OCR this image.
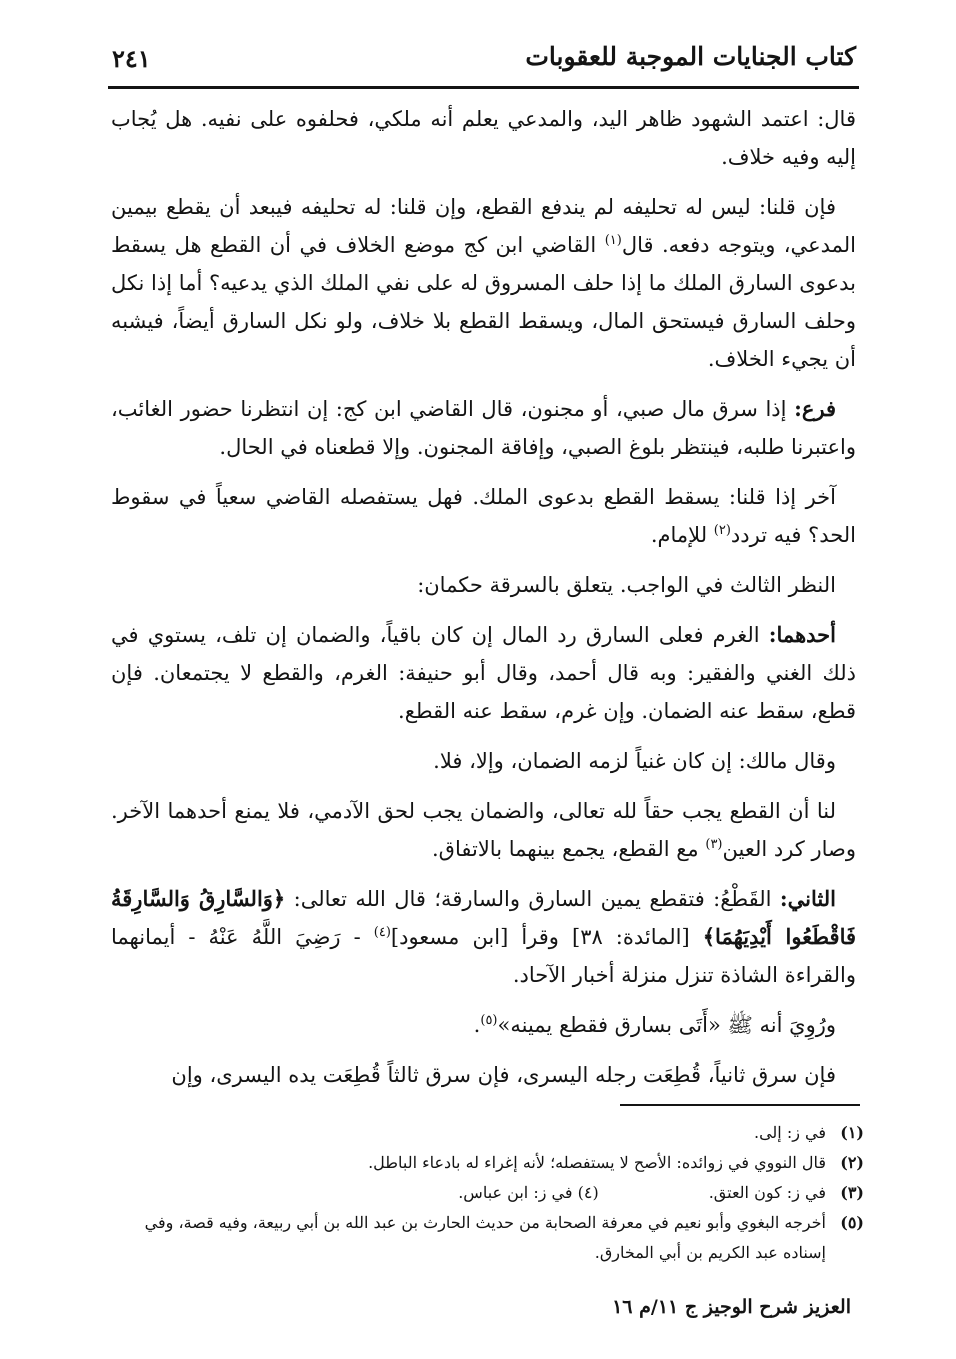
كتاب الجنايات الموجبة للعقوبات
٢٤١

قال: اعتمد الشهود ظاهر اليد، والمدعي يعلم أنه ملكي، فحلفوه على نفيه. هل يُجاب إليه وفيه خلاف.

فإن قلنا: ليس له تحليفه لم يندفع القطع، وإن قلنا: له تحليفه فيبعد أن يقطع بيمين المدعي، ويتوجه دفعه. قال$^{(١)}$ القاضي ابن كج موضع الخلاف في أن القطع هل يسقط بدعوى السارق الملك ما إذا حلف المسروق له على نفي الملك الذي يدعيه؟ أما إذا نكل وحلف السارق فيستحق المال، ويسقط القطع بلا خلاف، ولو نكل السارق أيضاً، فيشبه أن يجيء الخلاف.

فرع: إذا سرق مال صبي، أو مجنون، قال القاضي ابن كج: إن انتظرنا حضور الغائب، واعتبرنا طلبه، فينتظر بلوغ الصبي، وإفاقة المجنون. وإلا قطعناه في الحال.

آخر إذا قلنا: يسقط القطع بدعوى الملك. فهل يستفصله القاضي سعياً في سقوط الحد؟ فيه تردد$^{(٢)}$ للإمام.

النظر الثالث في الواجب. يتعلق بالسرقة حكمان:

أحدهما: الغرم فعلى السارق رد المال إن كان باقياً، والضمان إن تلف، يستوي في ذلك الغني والفقير: وبه قال أحمد، وقال أبو حنيفة: الغرم، والقطع لا يجتمعان. فإن قطع، سقط عنه الضمان. وإن غرم، سقط عنه القطع.

وقال مالك: إن كان غنياً لزمه الضمان، وإلا، فلا.

لنا أن القطع يجب حقاً لله تعالى، والضمان يجب لحق الآدمي، فلا يمنع أحدهما الآخر. وصار كرد العين$^{(٣)}$ مع القطع، يجمع بينهما بالاتفاق.

الثاني: القَطْعُ: فتقطع يمين السارق والسارقة؛ قال الله تعالى: ﴿وَالسَّارِقُ وَالسَّارِقَةُ فَاقْطَعُوا أَيْدِيَهُمَا﴾ [المائدة: ٣٨] وقرأ [ابن مسعود]$^{(٤)}$ - رَضِيَ اللَّهُ عَنْهُ - أيمانهما والقراءة الشاذة تنزل منزلة أخبار الآحاد.

ورُوِيَ أنه ﷺ «أَتَى بسارق فقطع يمينه»$^{(٥)}$.

فإن سرق ثانياً، قُطِعَت رجله اليسرى، فإن سرق ثالثاً قُطِعَت يده اليسرى، وإن

(١)
في ز: إلى.
(٢)
قال النووي في زوائده: الأصح لا يستفصله؛ لأنه إغراء له بادعاء الباطل.
(٣)
في ز: كون العتق.
(٤) في ز: ابن عباس.
(٥)
أخرجه البغوي وأبو نعيم في معرفة الصحابة من حديث الحارث بن عبد الله بن أبي ربيعة، وفيه قصة، وفي إسناده عبد الكريم بن أبي المخارق.
العزيز شرح الوجيز ج ١١/م ١٦
